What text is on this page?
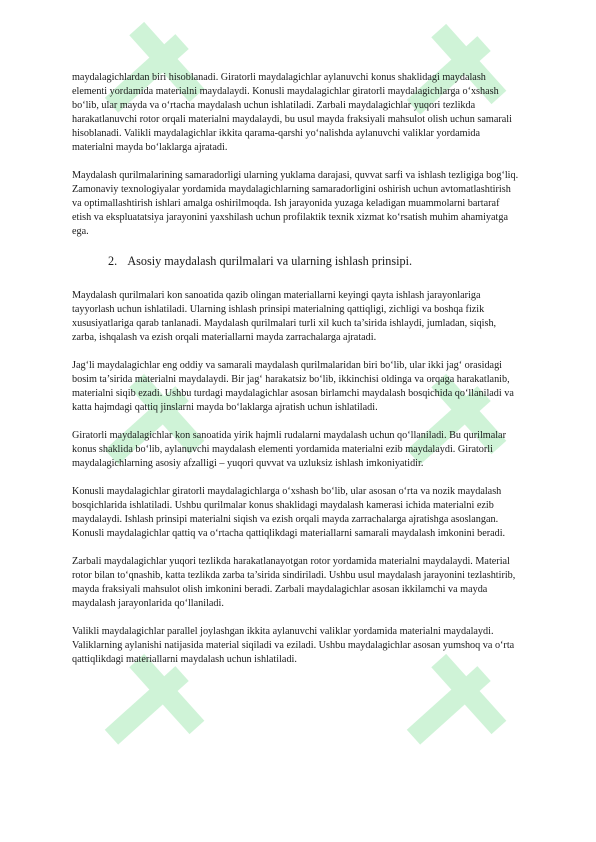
maydalagichlardan biri hisoblanadi. Giratorli maydalagichlar aylanuvchi konus shaklidagi maydalash elementi yordamida materialni maydalaydi. Konusli maydalagichlar giratorli maydalagichlarga o‘xshash bo‘lib, ular mayda va o‘rtacha maydalash uchun ishlatiladi. Zarbali maydalagichlar yuqori tezlikda harakatlanuvchi rotor orqali materialni maydalaydi, bu usul mayda fraksiyali mahsulot olish uchun samarali hisoblanadi. Valikli maydalagichlar ikkita qarama-qarshi yo‘nalishda aylanuvchi valiklar yordamida materialni mayda bo‘laklarga ajratadi.

Maydalash qurilmalarining samaradorligi ularning yuklama darajasi, quvvat sarfi va ishlash tezligiga bog‘liq. Zamonaviy texnologiyalar yordamida maydalagichlarning samaradorligini oshirish uchun avtomatlashtirish va optimallashtirish ishlari amalga oshirilmoqda. Ish jarayonida yuzaga keladigan muammolarni bartaraf etish va ekspluatatsiya jarayonini yaxshilash uchun profilaktik texnik xizmat ko‘rsatish muhim ahamiyatga ega.

2. Asosiy maydalash qurilmalari va ularning ishlash prinsipi.

Maydalash qurilmalari kon sanoatida qazib olingan materiallarni keyingi qayta ishlash jarayonlariga tayyorlash uchun ishlatiladi. Ularning ishlash prinsipi materialning qattiqligi, zichligi va boshqa fizik xususiyatlariga qarab tanlanadi. Maydalash qurilmalari turli xil kuch ta’sirida ishlaydi, jumladan, siqish, zarba, ishqalash va ezish orqali materiallarni mayda zarrachalarga ajratadi.

Jag‘li maydalagichlar eng oddiy va samarali maydalash qurilmalaridan biri bo‘lib, ular ikki jag‘ orasidagi bosim ta’sirida materialni maydalaydi. Bir jag‘ harakatsiz bo‘lib, ikkinchisi oldinga va orqaga harakatlanib, materialni siqib ezadi. Ushbu turdagi maydalagichlar asosan birlamchi maydalash bosqichida qo‘llaniladi va katta hajmdagi qattiq jinslarni mayda bo‘laklarga ajratish uchun ishlatiladi.

Giratorli maydalagichlar kon sanoatida yirik hajmli rudalarni maydalash uchun qo‘llaniladi. Bu qurilmalar konus shaklida bo‘lib, aylanuvchi maydalash elementi yordamida materialni ezib maydalaydi. Giratorli maydalagichlarning asosiy afzalligi – yuqori quvvat va uzluksiz ishlash imkoniyatidir.

Konusli maydalagichlar giratorli maydalagichlarga o‘xshash bo‘lib, ular asosan o‘rta va nozik maydalash bosqichlarida ishlatiladi. Ushbu qurilmalar konus shaklidagi maydalash kamerasi ichida materialni ezib maydalaydi. Ishlash prinsipi materialni siqish va ezish orqali mayda zarrachalarga ajratishga asoslangan. Konusli maydalagichlar qattiq va o‘rtacha qattiqlikdagi materiallarni samarali maydalash imkonini beradi.

Zarbali maydalagichlar yuqori tezlikda harakatlanayotgan rotor yordamida materialni maydalaydi. Material rotor bilan to‘qnashib, katta tezlikda zarba ta’sirida sindiriladi. Ushbu usul maydalash jarayonini tezlashtirib, mayda fraksiyali mahsulot olish imkonini beradi. Zarbali maydalagichlar asosan ikkilamchi va mayda maydalash jarayonlarida qo‘llaniladi.

Valikli maydalagichlar parallel joylashgan ikkita aylanuvchi valiklar yordamida materialni maydalaydi. Valiklarning aylanishi natijasida material siqiladi va eziladi. Ushbu maydalagichlar asosan yumshoq va o‘rta qattiqlikdagi materiallarni maydalash uchun ishlatiladi.
